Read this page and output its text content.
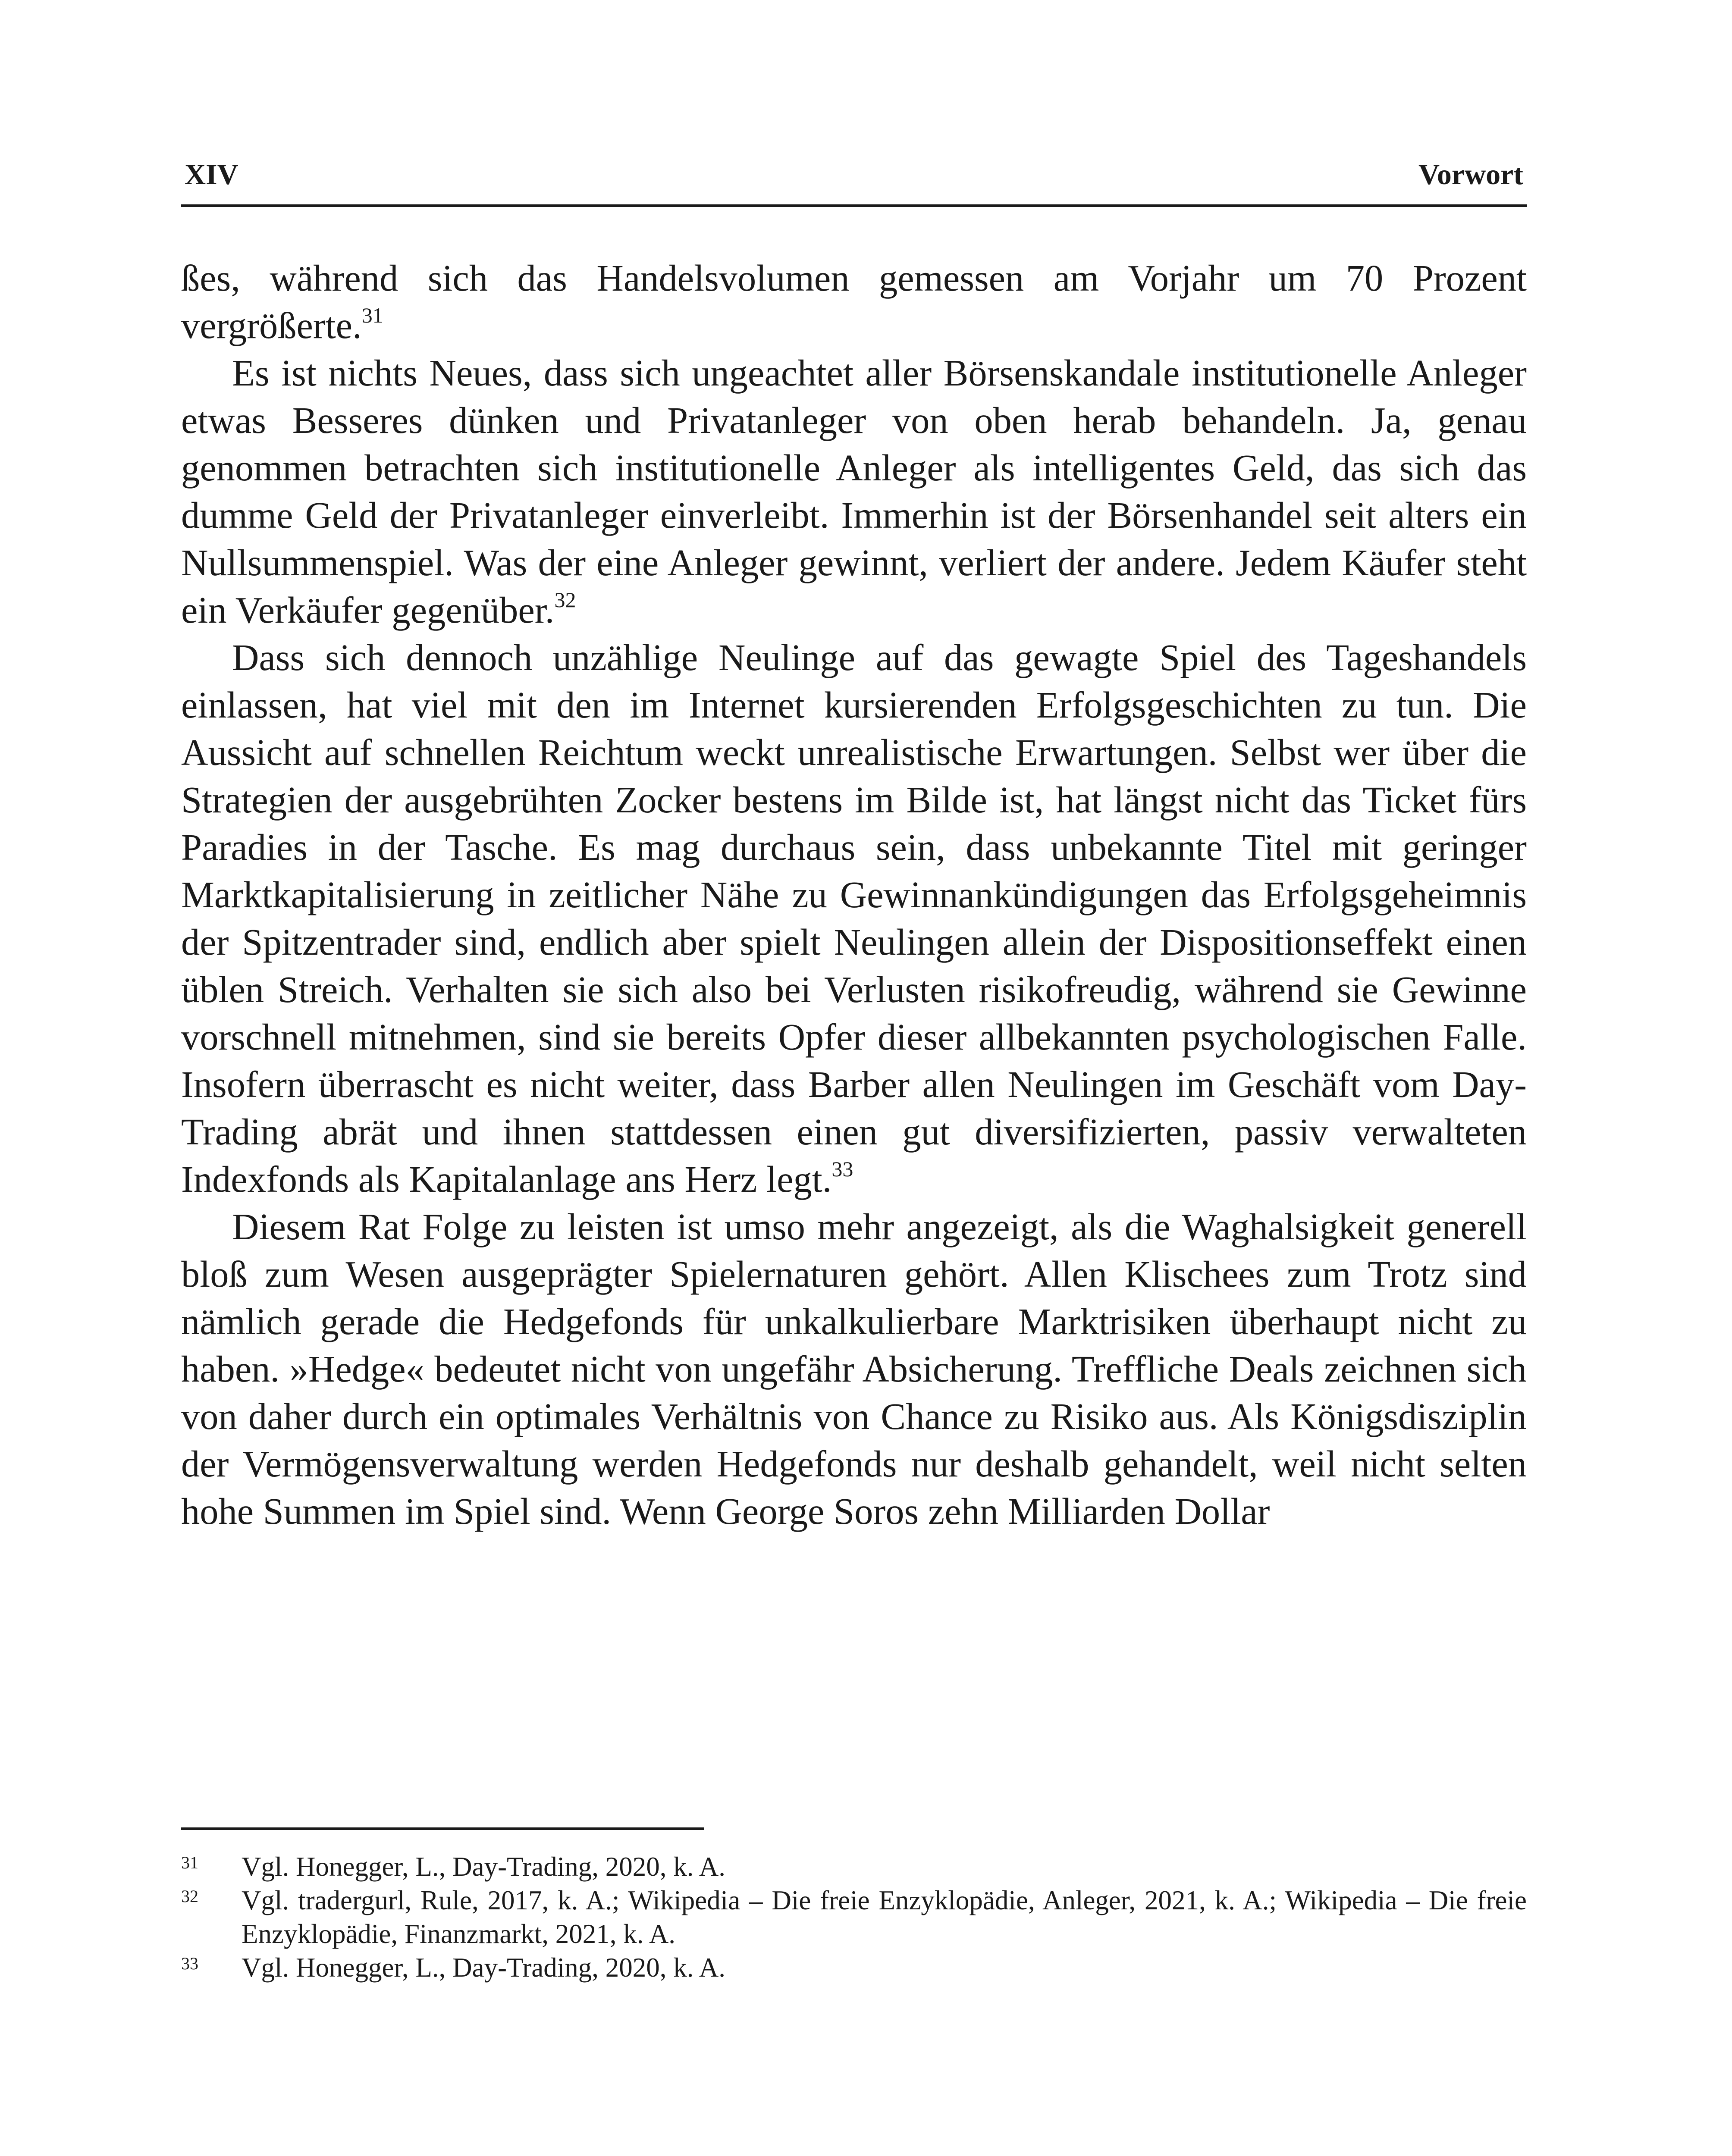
XIV	Vorwort

ßes, während sich das Handelsvolumen gemessen am Vorjahr um 70 Prozent vergrößerte.$^{31}$

Es ist nichts Neues, dass sich ungeachtet aller Börsenskandale institutionelle Anleger etwas Besseres dünken und Privatanleger von oben herab behandeln. Ja, genau genommen betrachten sich institutionelle Anleger als intelligentes Geld, das sich das dumme Geld der Privatanleger einverleibt. Immerhin ist der Börsenhandel seit alters ein Nullsummenspiel. Was der eine Anleger gewinnt, verliert der andere. Jedem Käufer steht ein Verkäufer gegenüber.$^{32}$

Dass sich dennoch unzählige Neulinge auf das gewagte Spiel des Tageshandels einlassen, hat viel mit den im Internet kursierenden Erfolgsgeschichten zu tun. Die Aussicht auf schnellen Reichtum weckt unrealistische Erwartungen. Selbst wer über die Strategien der ausgebrühten Zocker bestens im Bilde ist, hat längst nicht das Ticket fürs Paradies in der Tasche. Es mag durchaus sein, dass unbekannte Titel mit geringer Marktkapitalisierung in zeitlicher Nähe zu Gewinnankündigungen das Erfolgsgeheimnis der Spitzentrader sind, endlich aber spielt Neulingen allein der Dispositionseffekt einen üblen Streich. Verhalten sie sich also bei Verlusten risikofreudig, während sie Gewinne vorschnell mitnehmen, sind sie bereits Opfer dieser allbekannten psychologischen Falle. Insofern überrascht es nicht weiter, dass Barber allen Neulingen im Geschäft vom Day-Trading abrät und ihnen stattdessen einen gut diversifizierten, passiv verwalteten Indexfonds als Kapitalanlage ans Herz legt.$^{33}$

Diesem Rat Folge zu leisten ist umso mehr angezeigt, als die Waghalsigkeit generell bloß zum Wesen ausgeprägter Spielernaturen gehört. Allen Klischees zum Trotz sind nämlich gerade die Hedgefonds für unkalkulierbare Marktrisiken überhaupt nicht zu haben. »Hedge« bedeutet nicht von ungefähr Absicherung. Treffliche Deals zeichnen sich von daher durch ein optimales Verhältnis von Chance zu Risiko aus. Als Königsdisziplin der Vermögensverwaltung werden Hedgefonds nur deshalb gehandelt, weil nicht selten hohe Summen im Spiel sind. Wenn George Soros zehn Milliarden Dollar

31	Vgl. Honegger, L., Day-Trading, 2020, k. A.
32	Vgl. tradergurl, Rule, 2017, k. A.; Wikipedia – Die freie Enzyklopädie, Anleger, 2021, k. A.; Wikipedia – Die freie Enzyklopädie, Finanzmarkt, 2021, k. A.
33	Vgl. Honegger, L., Day-Trading, 2020, k. A.
